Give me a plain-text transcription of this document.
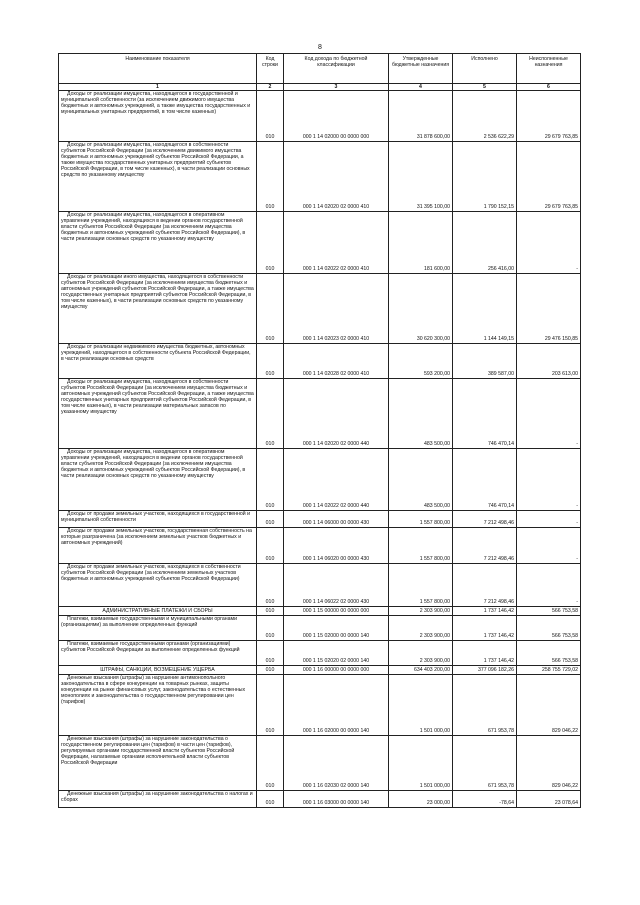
8
Наименование показателя	Код строки	Код дохода по бюджетной классификации	Утвержденные бюджетные назначения	Исполнено	Неисполненные назначения
1	2	3	4	5	6

Доходы от реализации имущества, находящегося в государственной и муниципальной собственности (за исключением движимого имущества бюджетных и автономных учреждений, а также имущества государственных и муниципальных унитарных предприятий, в том числе казенных)	010	000 1 14 02000 00 0000 000	31 878 600,00	2 536 622,29	29 679 763,85

Доходы от реализации имущества, находящегося в собственности субъектов Российской Федерации (за исключением движимого имущества бюджетных и автономных учреждений субъектов Российской Федерации, а также имущества государственных унитарных предприятий субъектов Российской Федерации, в том числе казенных), в части реализации основных средств по указанному имуществу	010	000 1 14 02020 02 0000 410	31 395 100,00	1 790 152,15	29 679 763,85

Доходы от реализации имущества, находящегося в оперативном управлении учреждений, находящихся в ведении органов государственной власти субъектов Российской Федерации (за исключением имущества бюджетных и автономных учреждений субъектов Российской Федерации), в части реализации основных средств по указанному имуществу	010	000 1 14 02022 02 0000 410	181 600,00	256 416,00	-

Доходы от реализации иного имущества, находящегося в собственности субъектов Российской Федерации (за исключением имущества бюджетных и автономных учреждений субъектов Российской Федерации, а также имущества государственных унитарных предприятий субъектов Российской Федерации, в том числе казенных), в части реализации основных средств по указанному имуществу	010	000 1 14 02023 02 0000 410	30 620 300,00	1 144 149,15	29 476 150,85

Доходы от реализации недвижимого имущества бюджетных, автономных учреждений, находящегося в собственности субъекта Российской Федерации, в части реализации основных средств	010	000 1 14 02028 02 0000 410	593 200,00	389 587,00	203 613,00

Доходы от реализации имущества, находящегося в собственности субъектов Российской Федерации (за исключением имущества бюджетных и автономных учреждений субъектов Российской Федерации, а также имущества государственных унитарных предприятий субъектов Российской Федерации, в том числе казенных), в части реализации материальных запасов по указанному имуществу	010	000 1 14 02020 02 0000 440	483 500,00	746 470,14	-

Доходы от реализации имущества, находящегося в оперативном управлении учреждений, находящихся в ведении органов государственной власти субъектов Российской Федерации (за исключением имущества бюджетных и автономных учреждений субъектов Российской Федерации), в части реализации основных средств по указанному имуществу	010	000 1 14 02022 02 0000 440	483 500,00	746 470,14	-

Доходы от продажи земельных участков, находящихся в государственной и муниципальной собственности	010	000 1 14 06000 00 0000 430	1 557 800,00	7 212 498,46	-

Доходы от продажи земельных участков, государственная собственность на которые разграничена (за исключением земельных участков бюджетных и автономных учреждений)	010	000 1 14 06020 00 0000 430	1 557 800,00	7 212 498,46	-

Доходы от продажи земельных участков, находящихся в собственности субъектов Российской Федерации (за исключением земельных участков бюджетных и автономных учреждений субъектов Российской Федерации)	010	000 1 14 06022 02 0000 430	1 557 800,00	7 212 498,46	-

АДМИНИСТРАТИВНЫЕ ПЛАТЕЖИ И СБОРЫ	010	000 1 15 00000 00 0000 000	2 303 900,00	1 737 146,42	566 753,58

Платежи, взимаемые государственными и муниципальными органами (организациями) за выполнение определенных функций	010	000 1 15 02000 00 0000 140	2 303 900,00	1 737 146,42	566 753,58

Платежи, взимаемые государственными органами (организациями) субъектов Российской Федерации за выполнение определенных функций	010	000 1 15 02020 02 0000 140	2 303 900,00	1 737 146,42	566 753,58

ШТРАФЫ, САНКЦИИ, ВОЗМЕЩЕНИЕ УЩЕРБА	010	000 1 16 00000 00 0000 000	634 403 200,00	377 096 182,26	258 755 729,02

Денежные взыскания (штрафы) за нарушение антимонопольного законодательства в сфере конкуренции на товарных рынках, защиты конкуренции на рынке финансовых услуг, законодательства о естественных монополиях и законодательства о государственном регулировании цен (тарифов)	010	000 1 16 02000 00 0000 140	1 501 000,00	671 953,78	829 046,22

Денежные взыскания (штрафы) за нарушение законодательства о государственном регулировании цен (тарифов) в части цен (тарифов), регулируемых органами государственной власти субъектов Российской Федерации, налагаемые органами исполнительной власти субъектов Российской Федерации	010	000 1 16 02030 02 0000 140	1 501 000,00	671 953,78	829 046,22

Денежные взыскания (штрафы) за нарушение законодательства о налогах и сборах	010	000 1 16 03000 00 0000 140	23 000,00	-78,64	23 078,64
